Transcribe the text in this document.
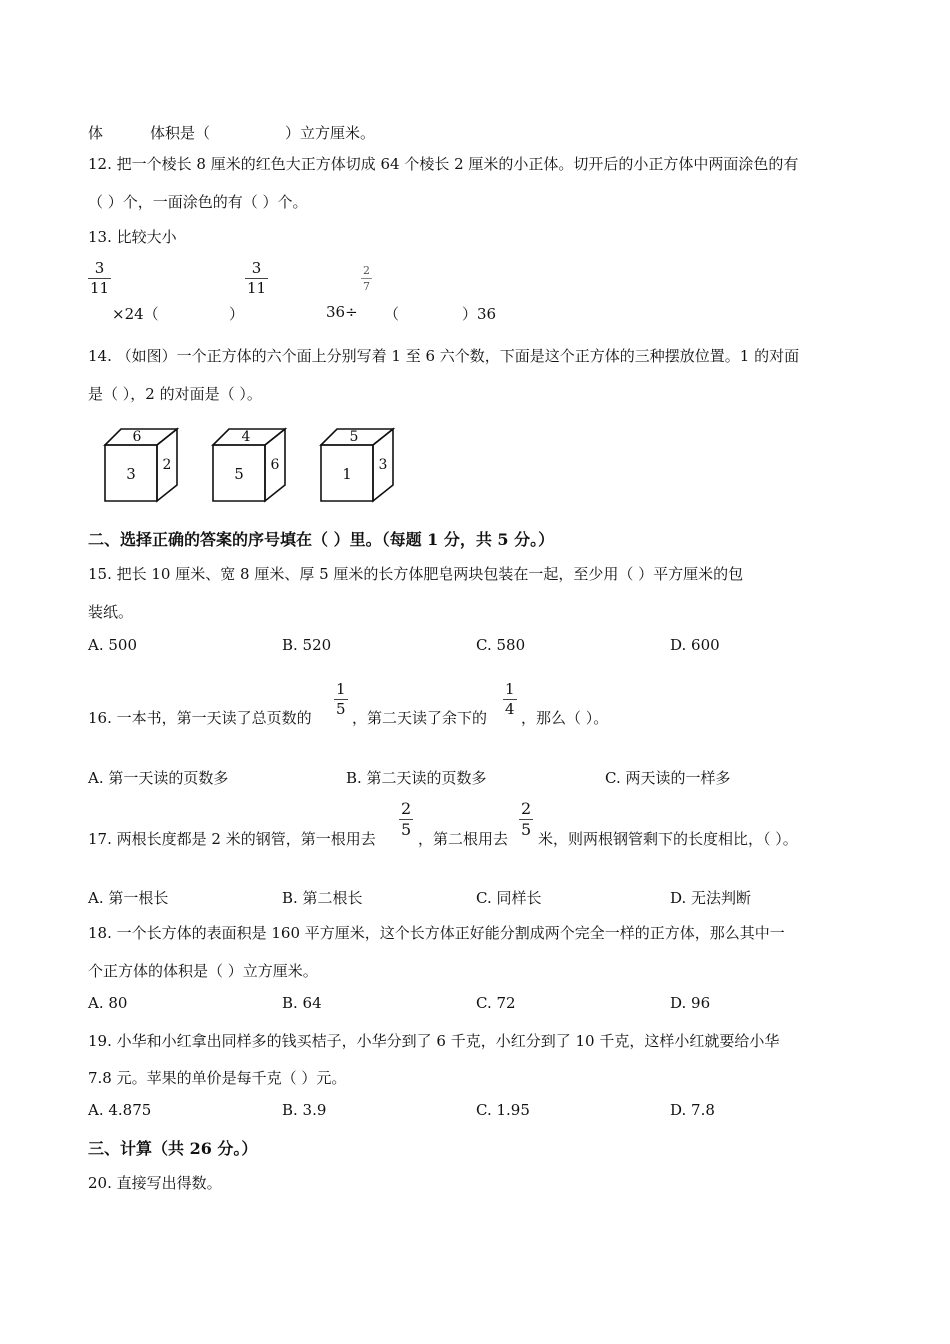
体	体积是（	）立方厘米。
12. 把一个棱长 8 厘米的红色大正方体切成 64 个棱长 2 厘米的小正体。切开后的小正方体中两面涂色的有
（ ）个，一面涂色的有（ ）个。
13. 比较大小
3
11
×24（
3
11
）	36÷
2
7
（	）36
14. （如图）一个正方体的六个面上分别写着 1 至 6 六个数，下面是这个正方体的三种摆放位置。1 的对面
是（ ），2 的对面是（ ）。
6
3 2
4
5 6
5
1 3
二、选择正确的答案的序号填在（ ）里。（每题 1 分，共 5 分。）
15. 把长 10 厘米、宽 8 厘米、厚 5 厘米的长方体肥皂两块包装在一起，至少用（ ）平方厘米的包
装纸。
A. 500	B. 520	C. 580	D. 600
16. 一本书，第一天读了总页数的
1
5 ，第二天读了余下的
1
4 ，那么（ ）。
A. 第一天读的页数多	B. 第二天读的页数多	C. 两天读的一样多
17. 两根长度都是 2 米的钢管，第一根用去
2
5 ，第二根用去
2
5 米，则两根钢管剩下的长度相比，（ ）。
A. 第一根长	B. 第二根长	C. 同样长	D. 无法判断
18. 一个长方体的表面积是 160 平方厘米，这个长方体正好能分割成两个完全一样的正方体，那么其中一
个正方体的体积是（ ）立方厘米。
A. 80	B. 64	C. 72	D. 96
19. 小华和小红拿出同样多的钱买桔子，小华分到了 6 千克，小红分到了 10 千克，这样小红就要给小华
7.8 元。苹果的单价是每千克（ ）元。
A. 4.875	B. 3.9	C. 1.95	D. 7.8
三、计算（共 26 分。）
20. 直接写出得数。
